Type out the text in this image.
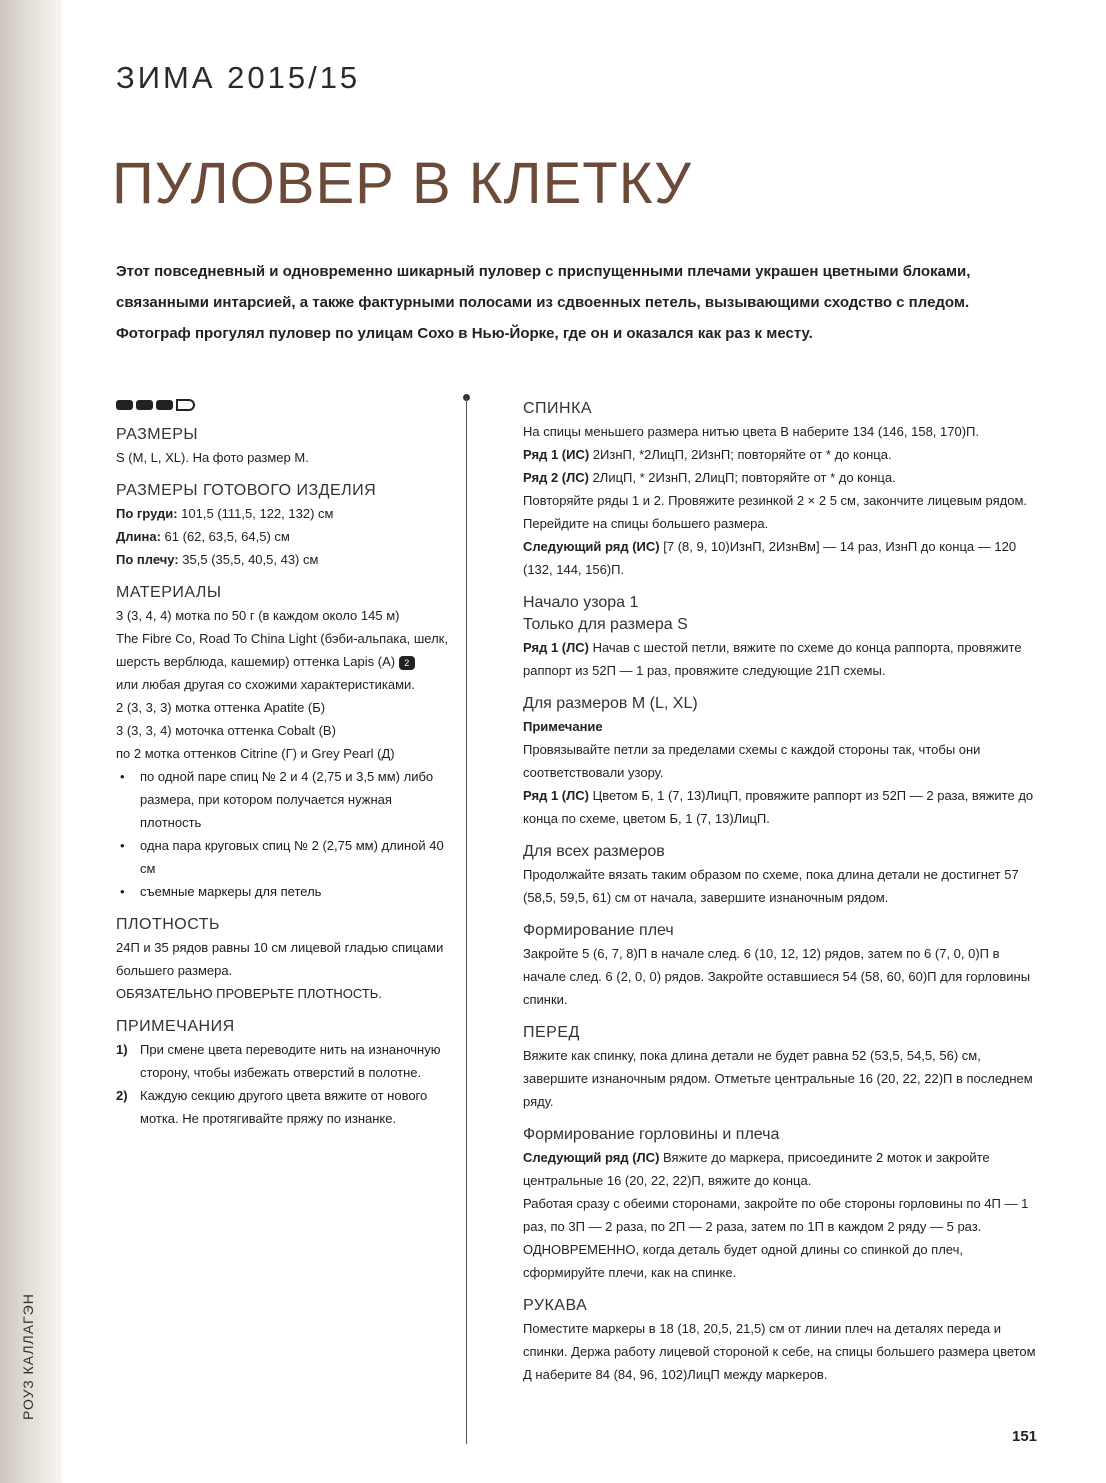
РОУЗ КАЛЛАГЭН
ЗИМА 2015/15
ПУЛОВЕР В КЛЕТКУ

Этот повседневный и одновременно шикарный пуловер с приспущенными плечами украшен цветными блоками, связанными интарсией, а также фактурными полосами из сдвоенных петель, вызывающими сходство с пледом. Фотограф прогулял пуловер по улицам Сохо в Нью-Йорке, где он и оказался как раз к месту.

РАЗМЕРЫ

S (M, L, XL). На фото размер М.

РАЗМЕРЫ ГОТОВОГО ИЗДЕЛИЯ

По груди: 101,5 (111,5, 122, 132) см

Длина: 61 (62, 63,5, 64,5) см

По плечу: 35,5 (35,5, 40,5, 43) см

МАТЕРИАЛЫ

3 (3, 4, 4) мотка по 50 г (в каждом около 145 м)

The Fibre Co, Road To China Light (бэби-альпака, шелк,

шерсть верблюда, кашемир) оттенка Lapis (А) 2

или любая другая со схожими характеристиками.

2 (3, 3, 3) мотка оттенка Apatite (Б)

3 (3, 3, 4) моточка оттенка Cobalt (В)

по 2 мотка оттенков Citrine (Г) и Grey Pearl (Д)

• по одной паре спиц № 2 и 4 (2,75 и 3,5 мм) либо размера, при котором получается нужная плотность
• одна пара круговых спиц № 2 (2,75 мм) длиной 40 см
• съемные маркеры для петель

ПЛОТНОСТЬ

24П и 35 рядов равны 10 см лицевой гладью спицами большего размера.

ОБЯЗАТЕЛЬНО ПРОВЕРЬТЕ ПЛОТНОСТЬ.

ПРИМЕЧАНИЯ

1) При смене цвета переводите нить на изнаночную сторону, чтобы избежать отверстий в полотне.
2) Каждую секцию другого цвета вяжите от нового мотка. Не протягивайте пряжу по изнанке.

СПИНКА

На спицы меньшего размера нитью цвета В наберите 134 (146, 158, 170)П.

Ряд 1 (ИС) 2ИзнП, *2ЛицП, 2ИзнП; повторяйте от * до конца.

Ряд 2 (ЛС) 2ЛицП, * 2ИзнП, 2ЛицП; повторяйте от * до конца.

Повторяйте ряды 1 и 2. Провяжите резинкой 2 × 2 5 см, закончите лицевым рядом. Перейдите на спицы большего размера.

Следующий ряд (ИС) [7 (8, 9, 10)ИзнП, 2ИзнВм] — 14 раз, ИзнП до конца — 120 (132, 144, 156)П.

Начало узора 1

Только для размера S

Ряд 1 (ЛС) Начав с шестой петли, вяжите по схеме до конца раппорта, провяжите раппорт из 52П — 1 раз, провяжите следующие 21П схемы.

Для размеров M (L, XL)

Примечание

Провязывайте петли за пределами схемы с каждой стороны так, чтобы они соответствовали узору.

Ряд 1 (ЛС) Цветом Б, 1 (7, 13)ЛицП, провяжите раппорт из 52П — 2 раза, вяжите до конца по схеме, цветом Б, 1 (7, 13)ЛицП.

Для всех размеров

Продолжайте вязать таким образом по схеме, пока длина детали не достигнет 57 (58,5, 59,5, 61) см от начала, завершите изнаночным рядом.

Формирование плеч

Закройте 5 (6, 7, 8)П в начале след. 6 (10, 12, 12) рядов, затем по 6 (7, 0, 0)П в начале след. 6 (2, 0, 0) рядов. Закройте оставшиеся 54 (58, 60, 60)П для горловины спинки.

ПЕРЕД

Вяжите как спинку, пока длина детали не будет равна 52 (53,5, 54,5, 56) см, завершите изнаночным рядом. Отметьте центральные 16 (20, 22, 22)П в последнем ряду.

Формирование горловины и плеча

Следующий ряд (ЛС) Вяжите до маркера, присоедините 2 моток и закройте центральные 16 (20, 22, 22)П, вяжите до конца.

Работая сразу с обеими сторонами, закройте по обе стороны горловины по 4П — 1 раз, по 3П — 2 раза, по 2П — 2 раза, затем по 1П в каждом 2 ряду — 5 раз.

ОДНОВРЕМЕННО, когда деталь будет одной длины со спинкой до плеч, сформируйте плечи, как на спинке.

РУКАВА

Поместите маркеры в 18 (18, 20,5, 21,5) см от линии плеч на деталях переда и спинки. Держа работу лицевой стороной к себе, на спицы большего размера цветом Д наберите 84 (84, 96, 102)ЛицП между маркеров.

151
